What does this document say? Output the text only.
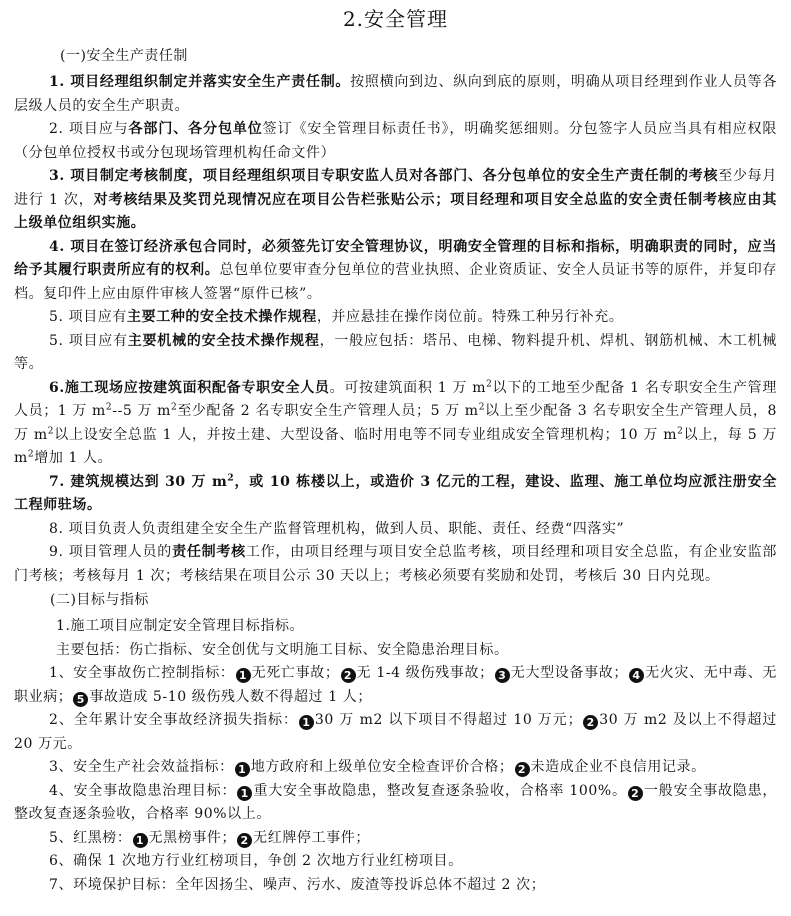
2.安全管理
(一)安全生产责任制

1. 项目经理组织制定并落实安全生产责任制。按照横向到边、纵向到底的原则，明确从项目经理到作业人员等各层级人员的安全生产职责。

2. 项目应与各部门、各分包单位签订《安全管理目标责任书》，明确奖惩细则。分包签字人员应当具有相应权限（分包单位授权书或分包现场管理机构任命文件）

3. 项目制定考核制度，项目经理组织项目专职安监人员对各部门、各分包单位的安全生产责任制的考核至少每月进行 1 次，对考核结果及奖罚兑现情况应在项目公告栏张贴公示；项目经理和项目安全总监的安全责任制考核应由其上级单位组织实施。

4. 项目在签订经济承包合同时，必须签先订安全管理协议，明确安全管理的目标和指标，明确职责的同时，应当给予其履行职责所应有的权利。总包单位要审查分包单位的营业执照、企业资质证、安全人员证书等的原件，并复印存档。复印件上应由原件审核人签署“原件已核”。

5. 项目应有主要工种的安全技术操作规程，并应悬挂在操作岗位前。特殊工种另行补充。

5. 项目应有主要机械的安全技术操作规程，一般应包括：塔吊、电梯、物料提升机、焊机、钢筋机械、木工机械等。

6.施工现场应按建筑面积配备专职安全人员。可按建筑面积 1 万 $m^2$以下的工地至少配备 1 名专职安全生产管理人员；1 万 $m^2--5$ 万 $m^2$至少配备 2 名专职安全生产管理人员；5 万 $m^2$以上至少配备 3 名专职安全生产管理人员，8 万 $m^2$以上设安全总监 1 人，并按土建、大型设备、临时用电等不同专业组成安全管理机构；10 万 $m^2$以上，每 5 万 $m^2$增加 1 人。

7. 建筑规模达到 30 万 $m^2$，或 10 栋楼以上，或造价 3 亿元的工程，建设、监理、施工单位均应派注册安全工程师驻场。

8. 项目负责人负责组建全安全生产监督管理机构，做到人员、职能、责任、经费“四落实”

9. 项目管理人员的责任制考核工作，由项目经理与项目安全总监考核，项目经理和项目安全总监，有企业安监部门考核；考核每月 1 次；考核结果在项目公示 30 天以上；考核必须要有奖励和处罚，考核后 30 日内兑现。

(二)目标与指标

1.施工项目应制定安全管理目标指标。

主要包括：伤亡指标、安全创优与文明施工目标、安全隐患治理目标。

1、安全事故伤亡控制指标： 1 无死亡事故； 2 无 1-4 级伤残事故； 3 无大型设备事故； 4 无火灾、无中毒、无职业病； 5 事故造成 5-10 级伤残人数不得超过 1 人；

2、全年累计安全事故经济损失指标： 1 30 万 m2 以下项目不得超过 10 万元； 2 30 万 m2 及以上不得超过 20 万元。

3、安全生产社会效益指标： 1 地方政府和上级单位安全检查评价合格； 2 未造成企业不良信用记录。

4、安全事故隐患治理目标： 1 重大安全事故隐患，整改复查逐条验收，合格率 100%。 2 一般安全事故隐患，整改复查逐条验收，合格率 90%以上。

5、红黑榜： 1 无黑榜事件； 2 无红牌停工事件；

6、确保 1 次地方行业红榜项目，争创 2 次地方行业红榜项目。

7、环境保护目标：全年因扬尘、噪声、污水、废渣等投诉总体不超过 2 次；
